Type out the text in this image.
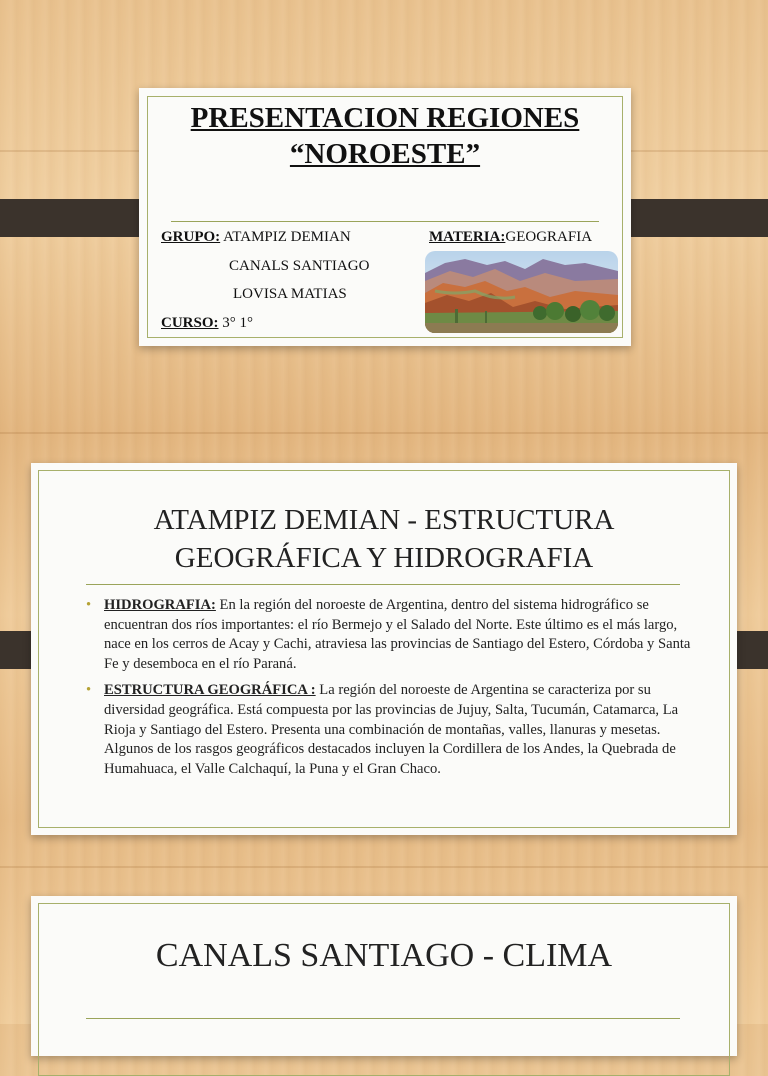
PRESENTACION REGIONES
“NOROESTE”
GRUPO: ATAMPIZ DEMIAN
CANALS SANTIAGO
LOVISA MATIAS
CURSO: 3° 1°
MATERIA:GEOGRAFIA
ATAMPIZ DEMIAN - ESTRUCTURA
GEOGRÁFICA Y HIDROGRAFIA
• HIDROGRAFIA: En la región del noroeste de Argentina, dentro del sistema hidrográfico se encuentran dos ríos importantes: el río Bermejo y el Salado del Norte. Este último es el más largo, nace en los cerros de Acay y Cachi, atraviesa las provincias de Santiago del Estero, Córdoba y Santa Fe y desemboca en el río Paraná.
• ESTRUCTURA GEOGRÁFICA : La región del noroeste de Argentina se caracteriza por su diversidad geográfica. Está compuesta por las provincias de Jujuy, Salta, Tucumán, Catamarca, La Rioja y Santiago del Estero. Presenta una combinación de montañas, valles, llanuras y mesetas. Algunos de los rasgos geográficos destacados incluyen la Cordillera de los Andes, la Quebrada de Humahuaca, el Valle Calchaquí, la Puna y el Gran Chaco.
CANALS SANTIAGO - CLIMA
